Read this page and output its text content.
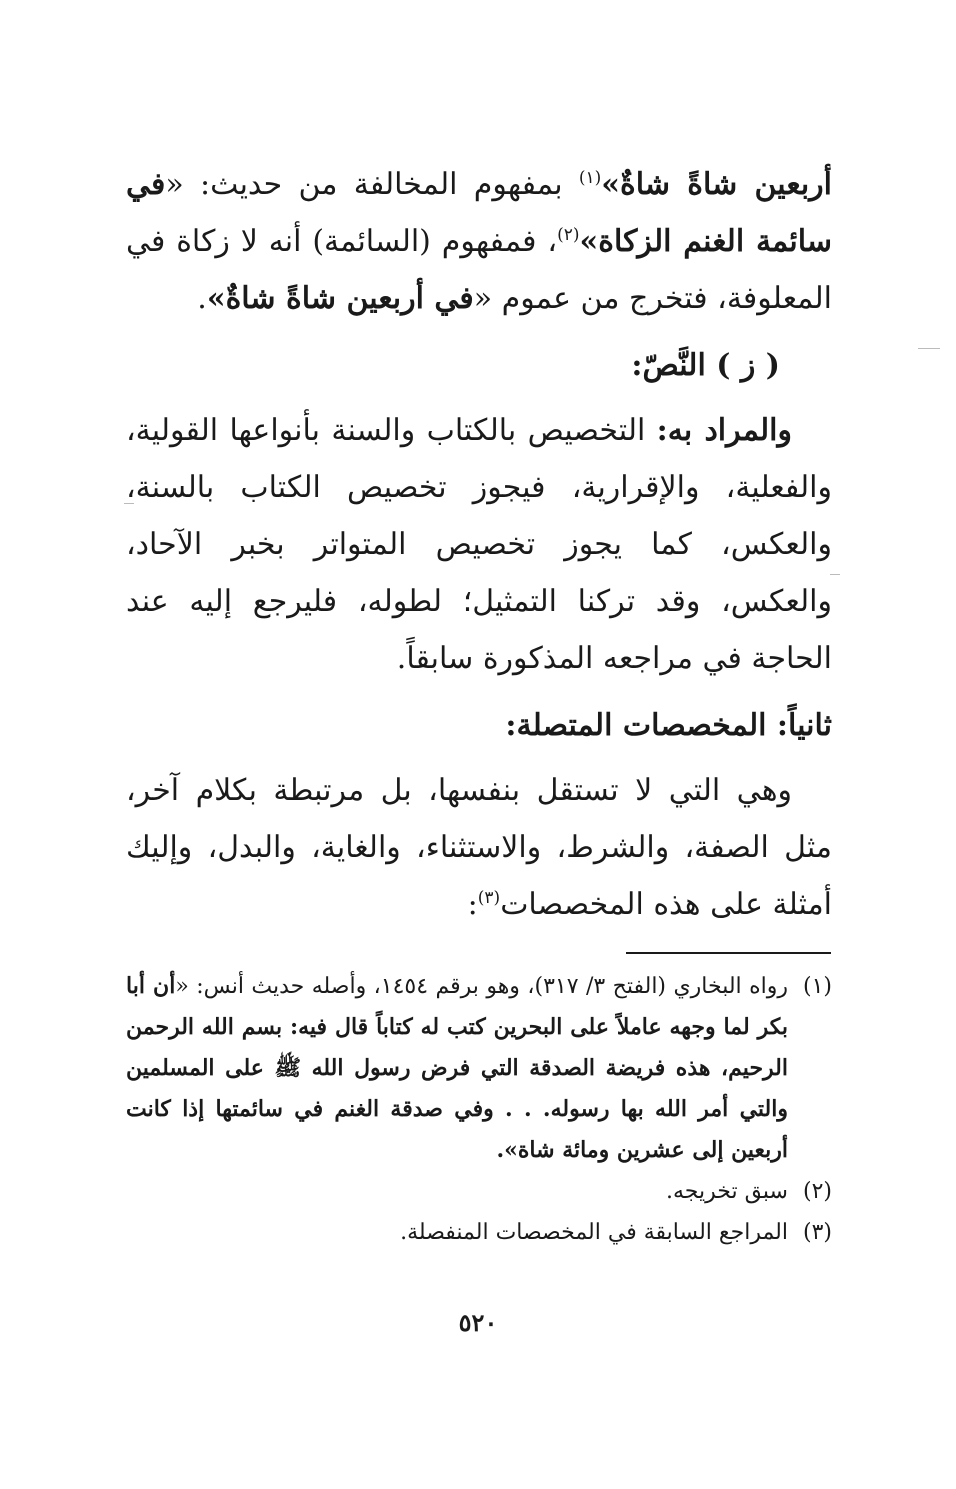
أربعين شاةً شاةٌ»$^{(١)}$ بمفهوم المخالفة من حديث: «في سائمة الغنم الزكاة»$^{(٢)}$، فمفهوم (السائمة) أنه لا زكاة في المعلوفة، فتخرج من عموم «في أربعين شاةً شاةٌ».

( ز ) النَّصّ:

والمراد به: التخصيص بالكتاب والسنة بأنواعها القولية، والفعلية، والإقرارية، فيجوز تخصيص الكتاب بالسنة، والعكس، كما يجوز تخصيص المتواتر بخبر الآحاد، والعكس، وقد تركنا التمثيل؛ لطوله، فليرجع إليه عند الحاجة في مراجعه المذكورة سابقاً.

ثانياً: المخصصات المتصلة:

وهي التي لا تستقل بنفسها، بل مرتبطة بكلام آخر، مثل الصفة، والشرط، والاستثناء، والغاية، والبدل، وإليك أمثلة على هذه المخصصات$^{(٣)}$:

(١)
رواه البخاري (الفتح ٣/ ٣١٧)، وهو برقم ١٤٥٤، وأصله حديث أنس: «أن أبا بكر لما وجهه عاملاً على البحرين كتب له كتاباً قال فيه: بسم الله الرحمن الرحيم، هذه فريضة الصدقة التي فرض رسول الله ﷺ على المسلمين والتي أمر الله بها رسوله. . . وفي صدقة الغنم في سائمتها إذا كانت أربعين إلى عشرين ومائة شاة».
(٢)
سبق تخريجه.
(٣)
المراجع السابقة في المخصصات المنفصلة.
٥٢٠
